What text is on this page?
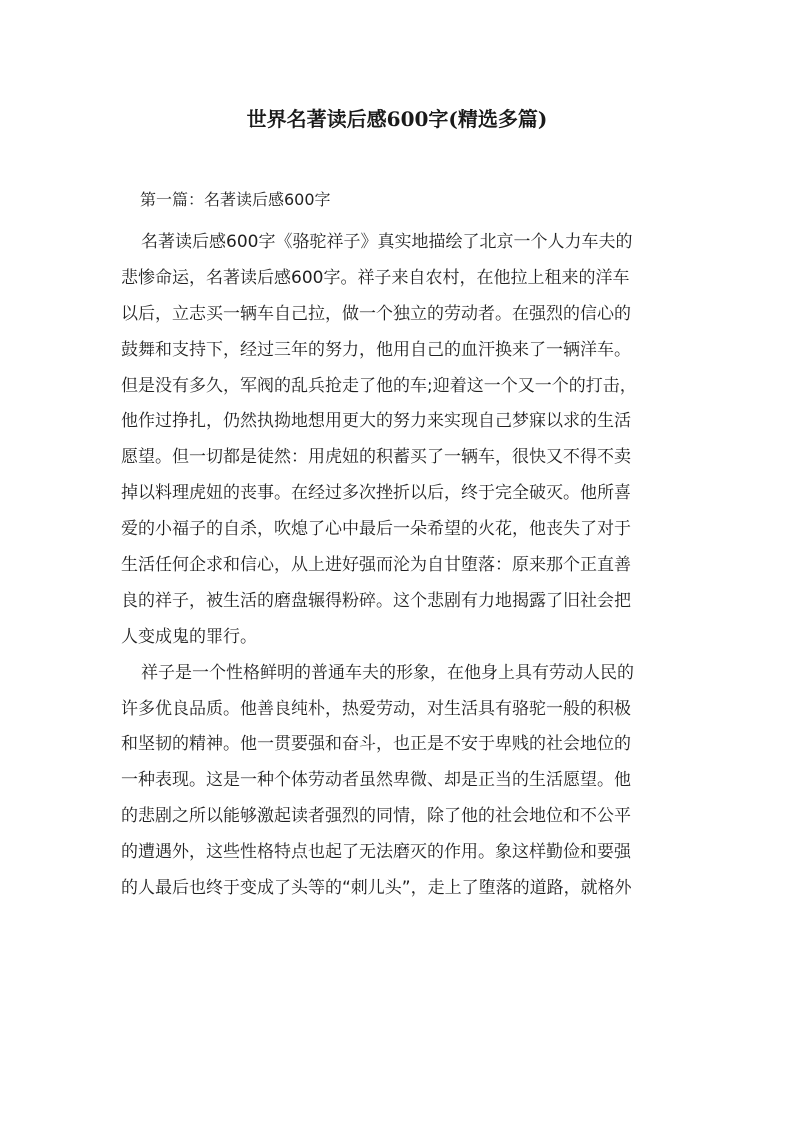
世界名著读后感600字(精选多篇)

第一篇：名著读后感600字

名著读后感600字《骆驼祥子》真实地描绘了北京一个人力车夫的
悲惨命运，名著读后感600字。祥子来自农村，在他拉上租来的洋车
以后，立志买一辆车自己拉，做一个独立的劳动者。在强烈的信心的
鼓舞和支持下，经过三年的努力，他用自己的血汗换来了一辆洋车。
但是没有多久，军阀的乱兵抢走了他的车;迎着这一个又一个的打击，
他作过挣扎，仍然执拗地想用更大的努力来实现自己梦寐以求的生活
愿望。但一切都是徒然：用虎妞的积蓄买了一辆车，很快又不得不卖
掉以料理虎妞的丧事。在经过多次挫折以后，终于完全破灭。他所喜
爱的小福子的自杀，吹熄了心中最后一朵希望的火花，他丧失了对于
生活任何企求和信心，从上进好强而沦为自甘堕落：原来那个正直善
良的祥子，被生活的磨盘辗得粉碎。这个悲剧有力地揭露了旧社会把
人变成鬼的罪行。
祥子是一个性格鲜明的普通车夫的形象，在他身上具有劳动人民的
许多优良品质。他善良纯朴，热爱劳动，对生活具有骆驼一般的积极
和坚韧的精神。他一贯要强和奋斗，也正是不安于卑贱的社会地位的
一种表现。这是一种个体劳动者虽然卑微、却是正当的生活愿望。他
的悲剧之所以能够激起读者强烈的同情，除了他的社会地位和不公平
的遭遇外，这些性格特点也起了无法磨灭的作用。象这样勤俭和要强
的人最后也终于变成了头等的“刺儿头”，走上了堕落的道路，就格外
